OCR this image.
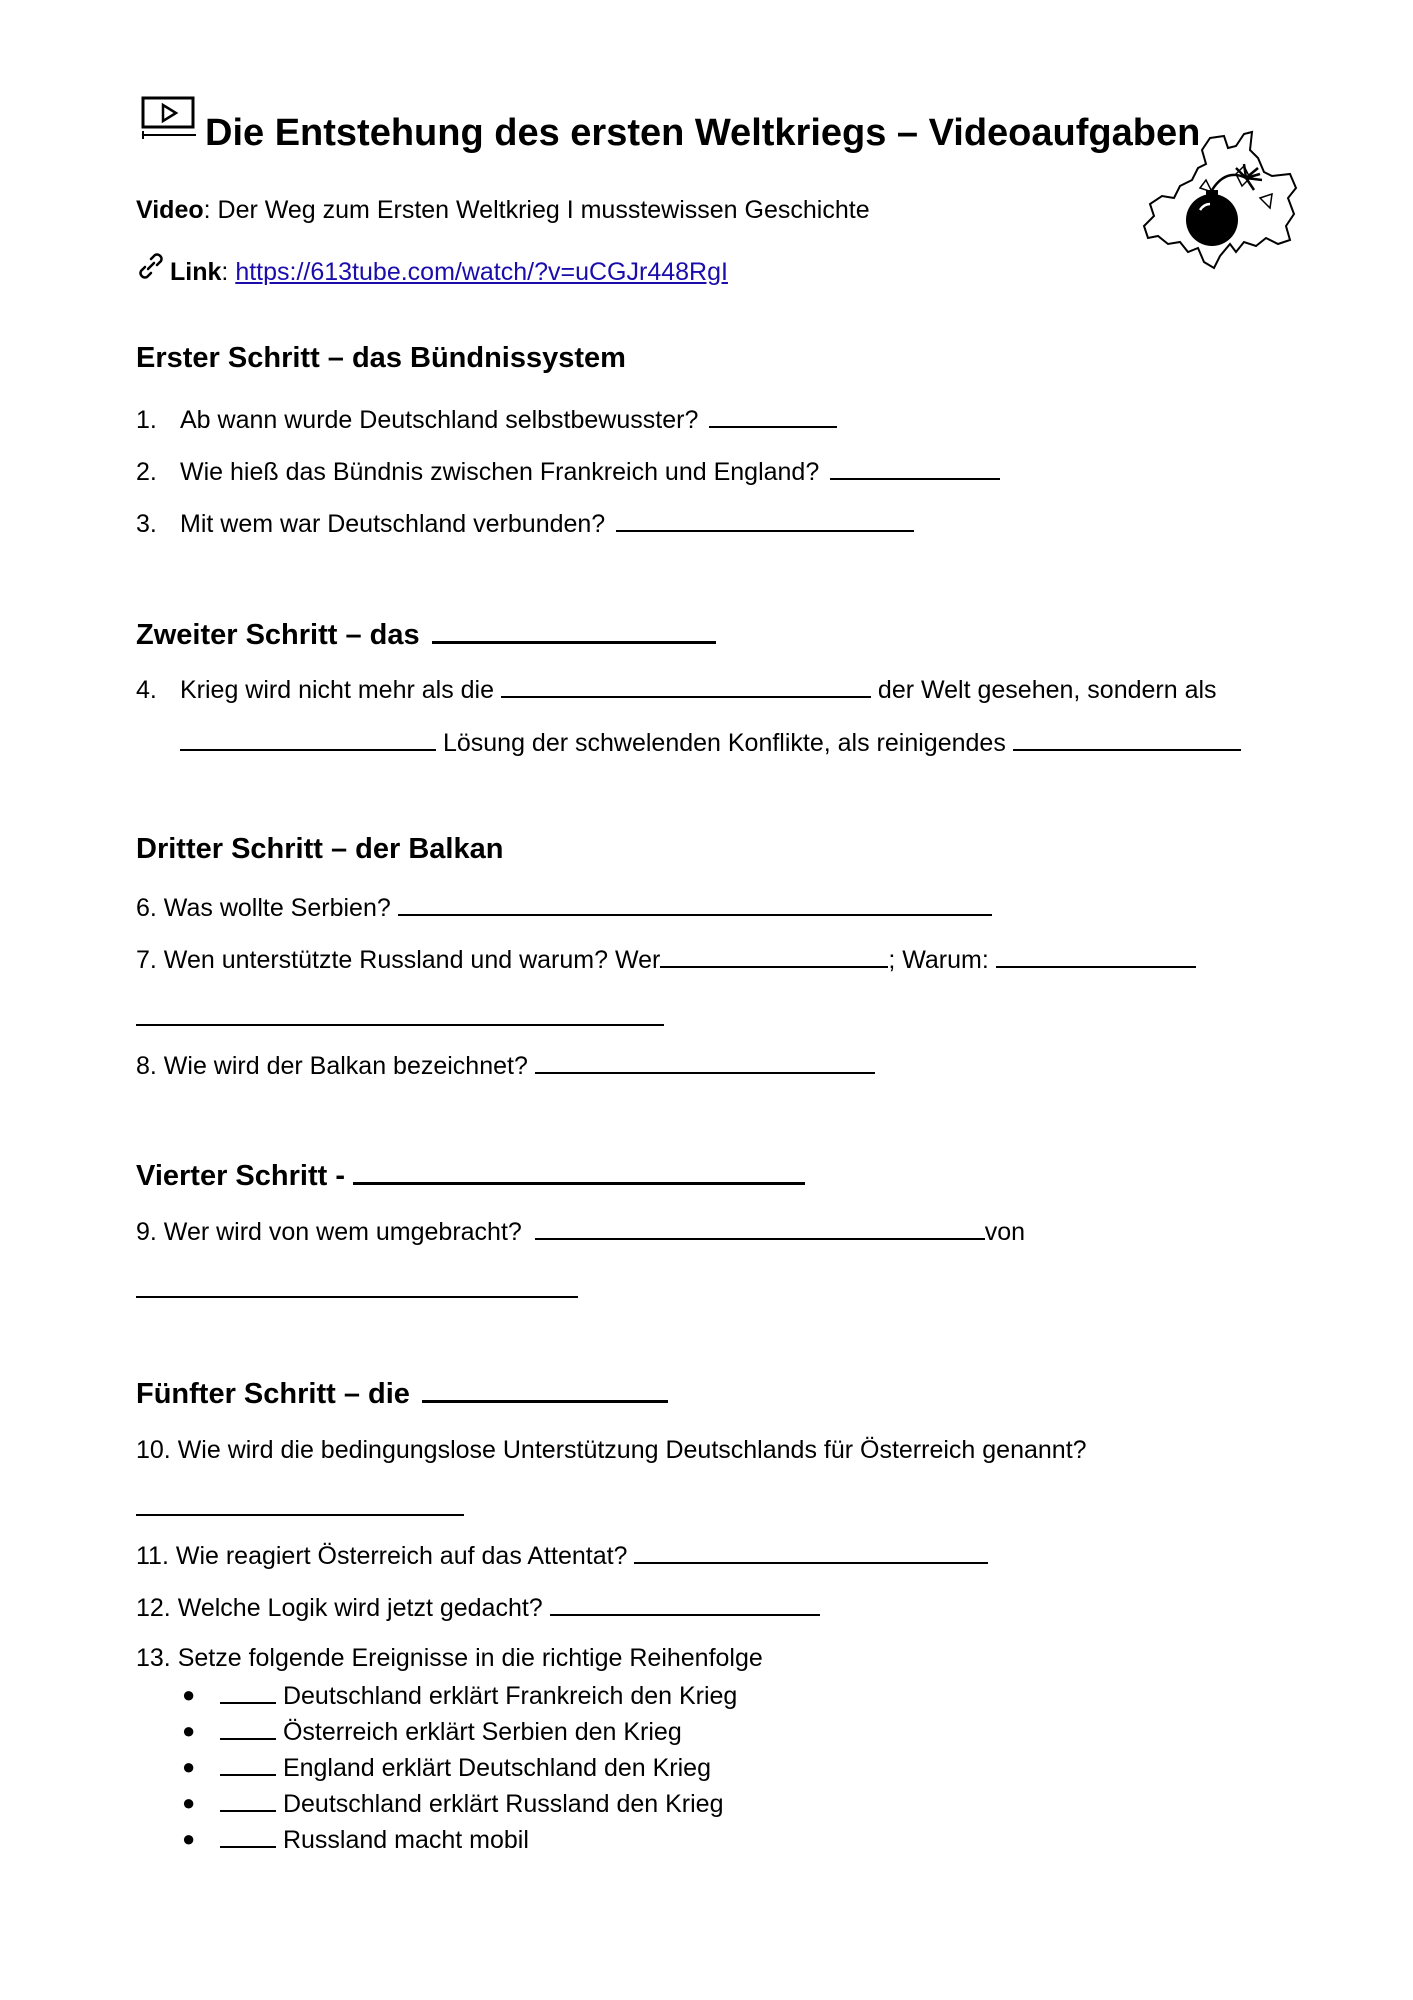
Die Entstehung des ersten Weltkriegs – Videoaufgaben
Video: Der Weg zum Ersten Weltkrieg I musstewissen Geschichte
Link: https://613tube.com/watch/?v=uCGJr448RgI
Erster Schritt – das Bündnissystem
1. Ab wann wurde Deutschland selbstbewusster?
2. Wie hieß das Bündnis zwischen Frankreich und England?
3. Mit wem war Deutschland verbunden?
Zweiter Schritt – das
4. Krieg wird nicht mehr als die	der Welt gesehen, sondern als
Lösung der schwelenden Konflikte, als reinigendes
Dritter Schritt – der Balkan
6. Was wollte Serbien?
7. Wen unterstützte Russland und warum? Wer	; Warum:
8. Wie wird der Balkan bezeichnet?
Vierter Schritt -
9. Wer wird von wem umgebracht?	von
Fünfter Schritt – die
10. Wie wird die bedingungslose Unterstützung Deutschlands für Österreich genannt?
11. Wie reagiert Österreich auf das Attentat?
12. Welche Logik wird jetzt gedacht?
13. Setze folgende Ereignisse in die richtige Reihenfolge
●	Deutschland erklärt Frankreich den Krieg
●	Österreich erklärt Serbien den Krieg
●	England erklärt Deutschland den Krieg
●	Deutschland erklärt Russland den Krieg
●	Russland macht mobil
